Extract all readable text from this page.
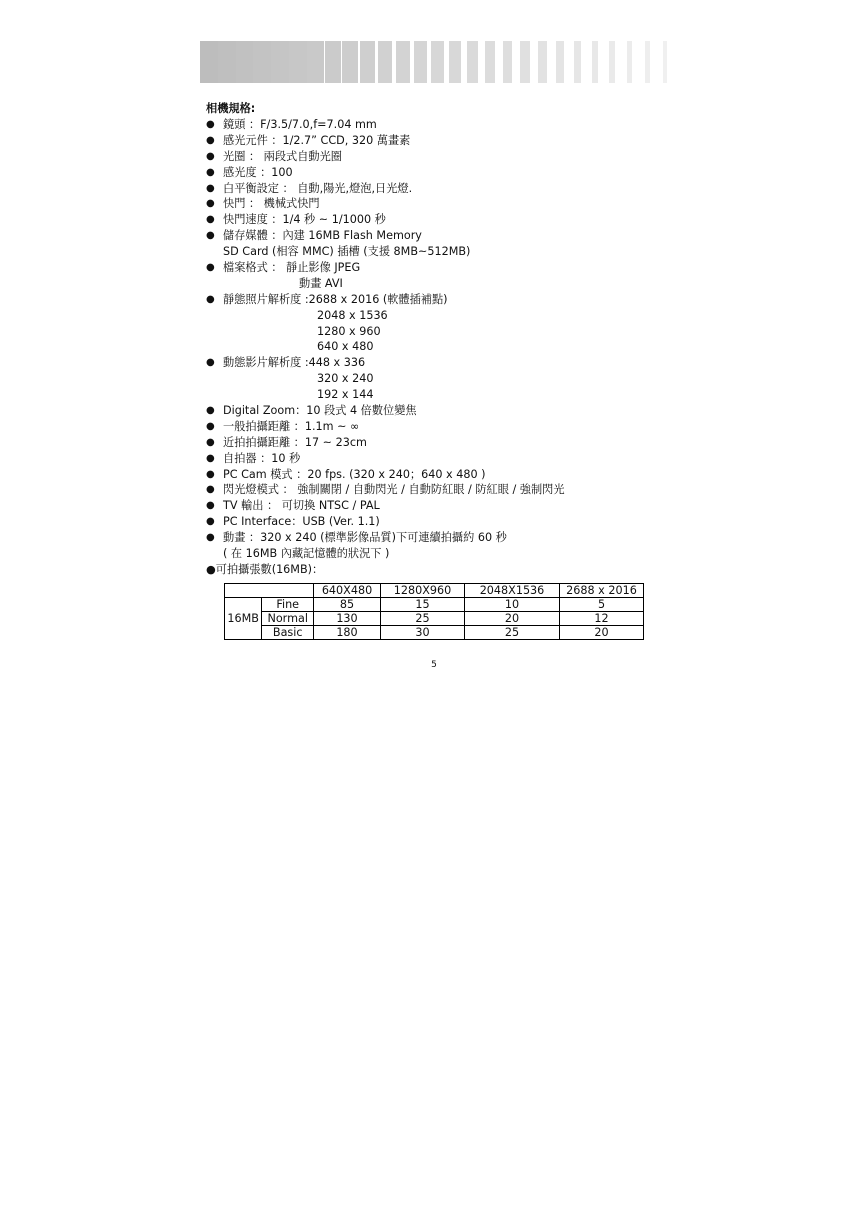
相機規格:
● 鏡頭 ：F/3.5/7.0,f=7.04 mm
● 感光元件 ：1/2.7” CCD, 320 萬畫素
● 光圈 ： 兩段式自動光圈
● 感光度 ：100
● 白平衡設定 ： 自動,陽光,燈泡,日光燈.
● 快門 ： 機械式快門
● 快門速度 ：1/4 秒 ~ 1/1000 秒
● 儲存媒體 ：內建 16MB Flash Memory
SD Card (相容 MMC) 插槽 (支援 8MB~512MB)
● 檔案格式 ： 靜止影像 JPEG
動畫 AVI
● 靜態照片解析度 :2688 x 2016 (軟體插補點)
2048 x 1536
1280 x 960
640 x 480
● 動態影片解析度 :448 x 336
320 x 240
192 x 144
● Digital Zoom：10 段式 4 倍數位變焦
● 一般拍攝距離 ：1.1m ~ ∞
● 近拍拍攝距離 ：17 ~ 23cm
● 自拍器 ：10 秒
● PC Cam 模式 ：20 fps. (320 x 240；640 x 480 )
● 閃光燈模式 ： 強制關閉 / 自動閃光 / 自動防紅眼 / 防紅眼 / 強制閃光
● TV 輸出 ： 可切換 NTSC / PAL
● PC Interface：USB (Ver. 1.1)
● 動畫 ：320 x 240 (標準影像品質)下可連續拍攝約 60 秒
( 在 16MB 內藏記憶體的狀況下 )
●可拍攝張數(16MB)：
		640X480	1280X960	2048X1536	2688 x 2016
16MB	Fine	85	15	10	5
	Normal	130	25	20	12
	Basic	180	30	25	20
5
